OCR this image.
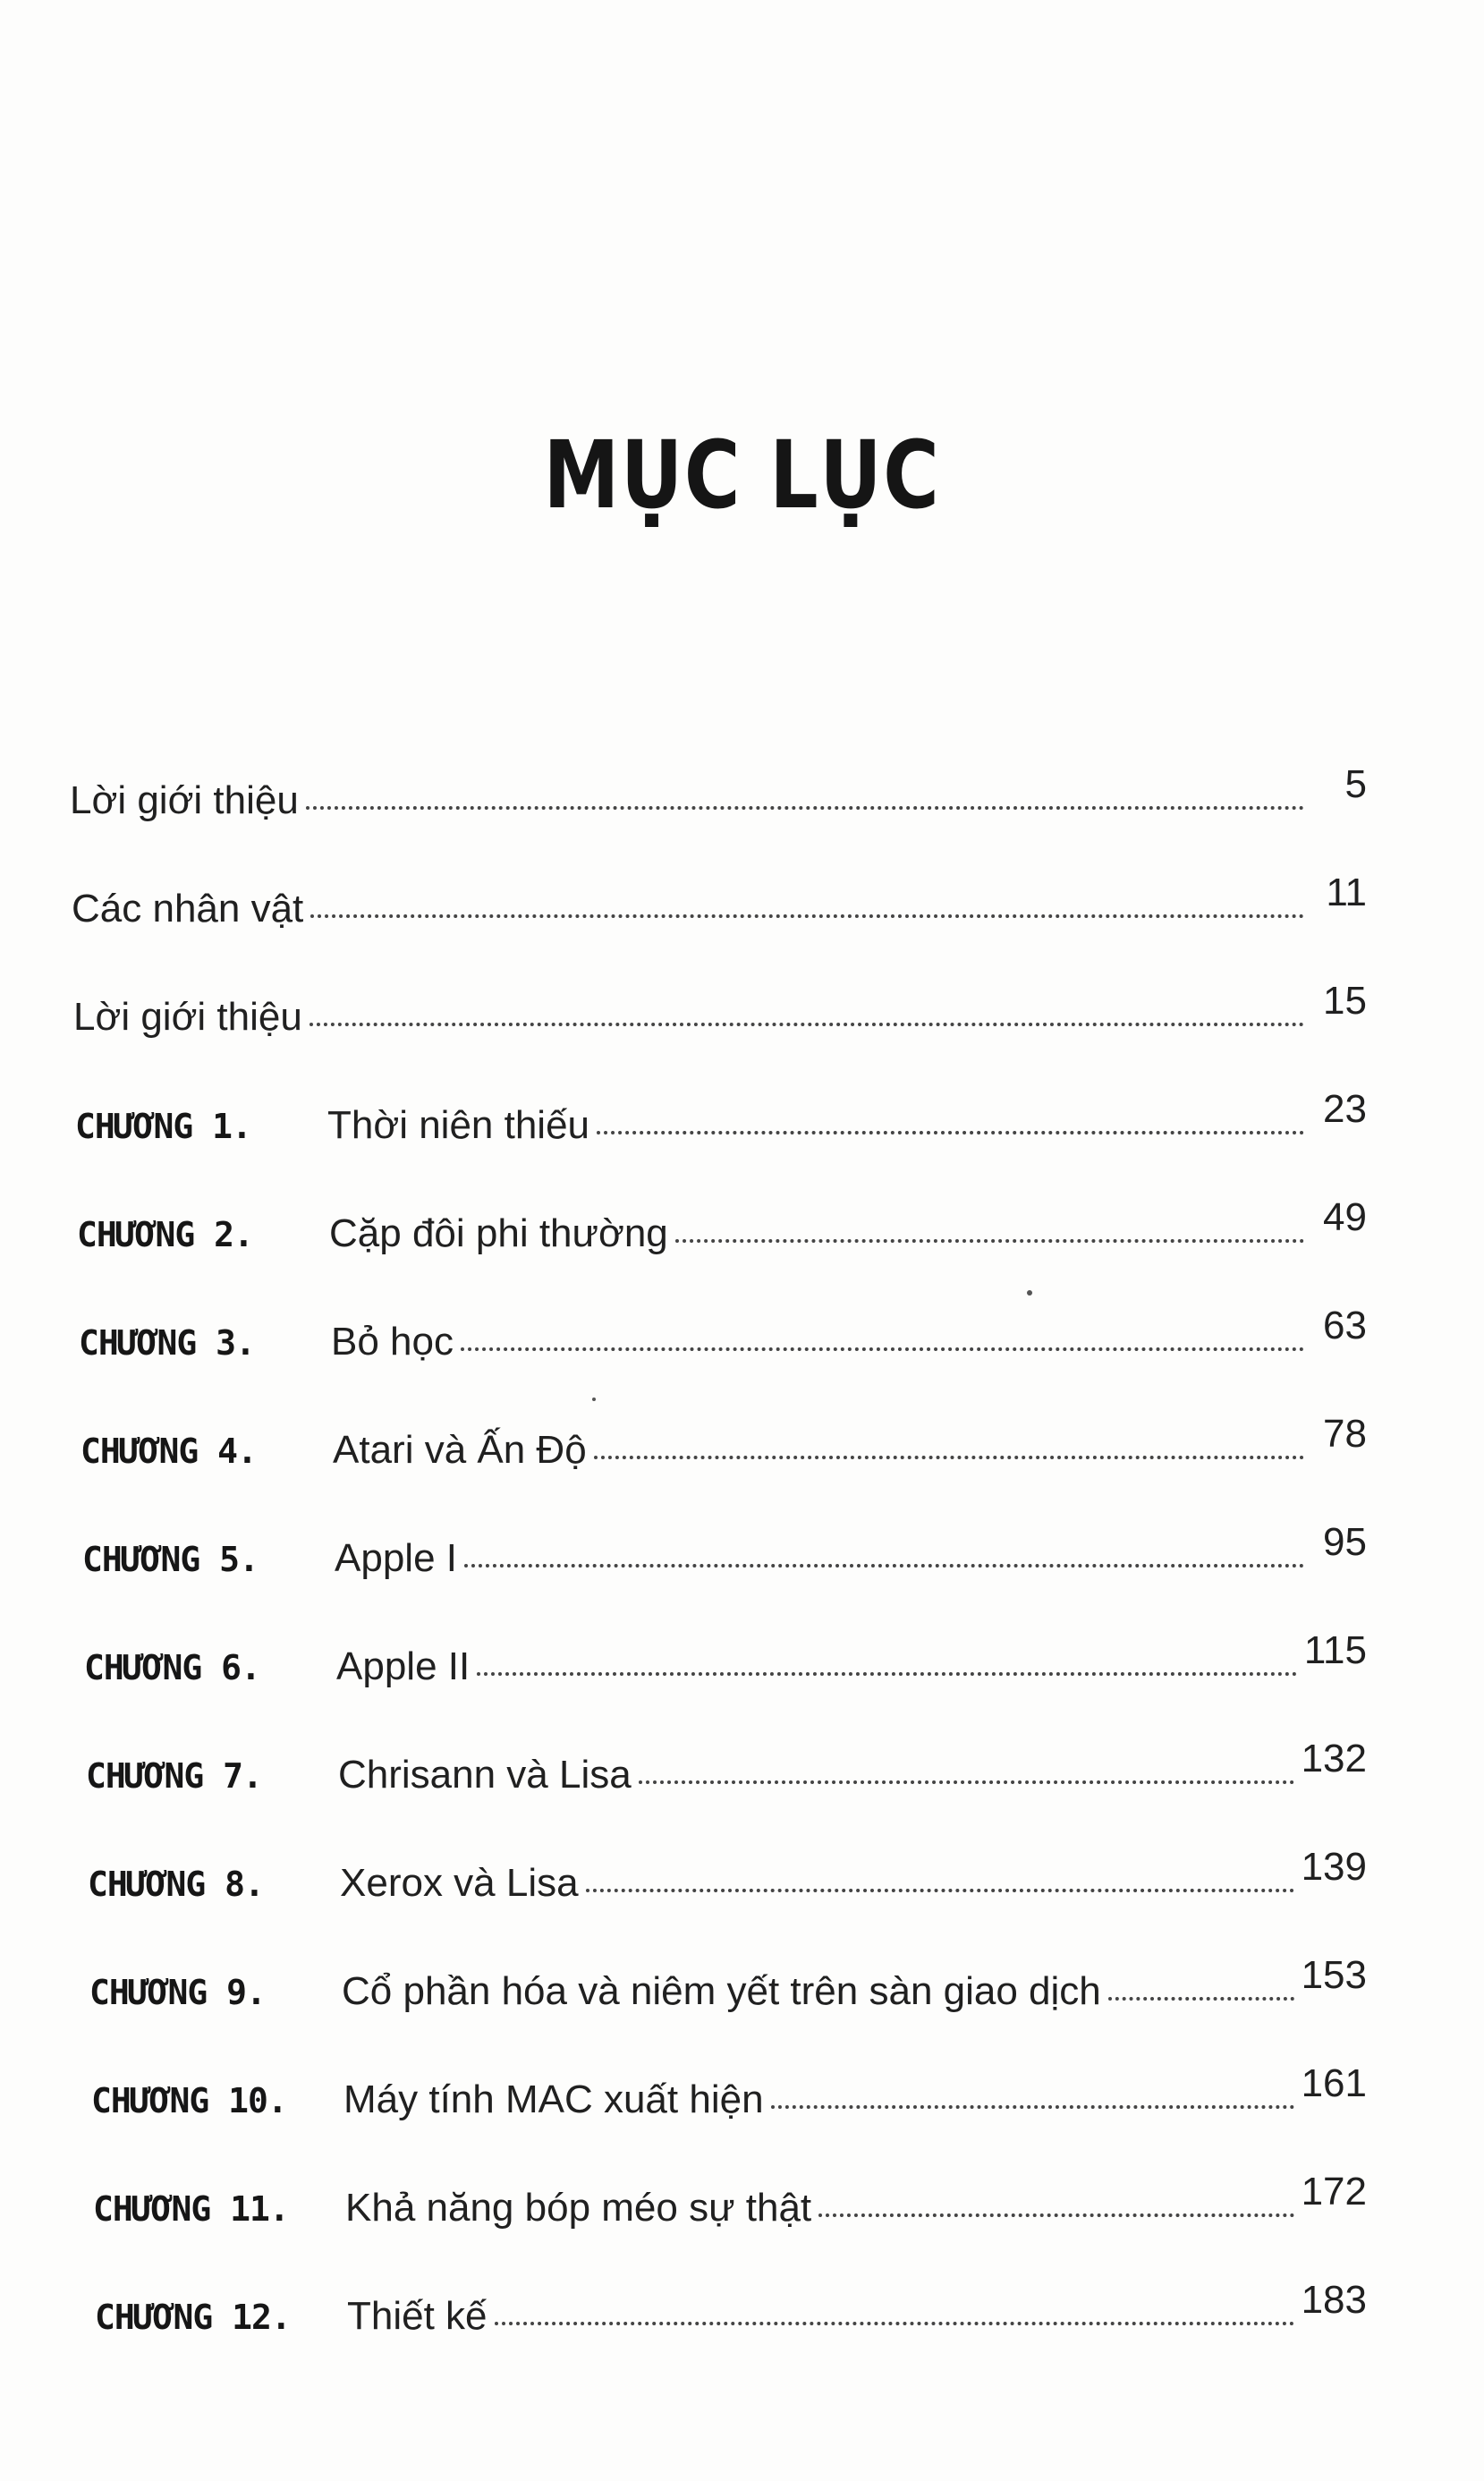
MỤC LỤC
Lời giới thiệu	5
Các nhân vật	11
Lời giới thiệu	15
CHƯƠNG 1.	Thời niên thiếu	23
CHƯƠNG 2.	Cặp đôi phi thường	49
CHƯƠNG 3.	Bỏ học	63
CHƯƠNG 4.	Atari và Ấn Độ	78
CHƯƠNG 5.	Apple I	95
CHƯƠNG 6.	Apple II	115
CHƯƠNG 7.	Chrisann và Lisa	132
CHƯƠNG 8.	Xerox và Lisa	139
CHƯƠNG 9.	Cổ phần hóa và niêm yết trên sàn giao dịch	153
CHƯƠNG 10.	Máy tính MAC xuất hiện	161
CHƯƠNG 11.	Khả năng bóp méo sự thật	172
CHƯƠNG 12.	Thiết kế	183
